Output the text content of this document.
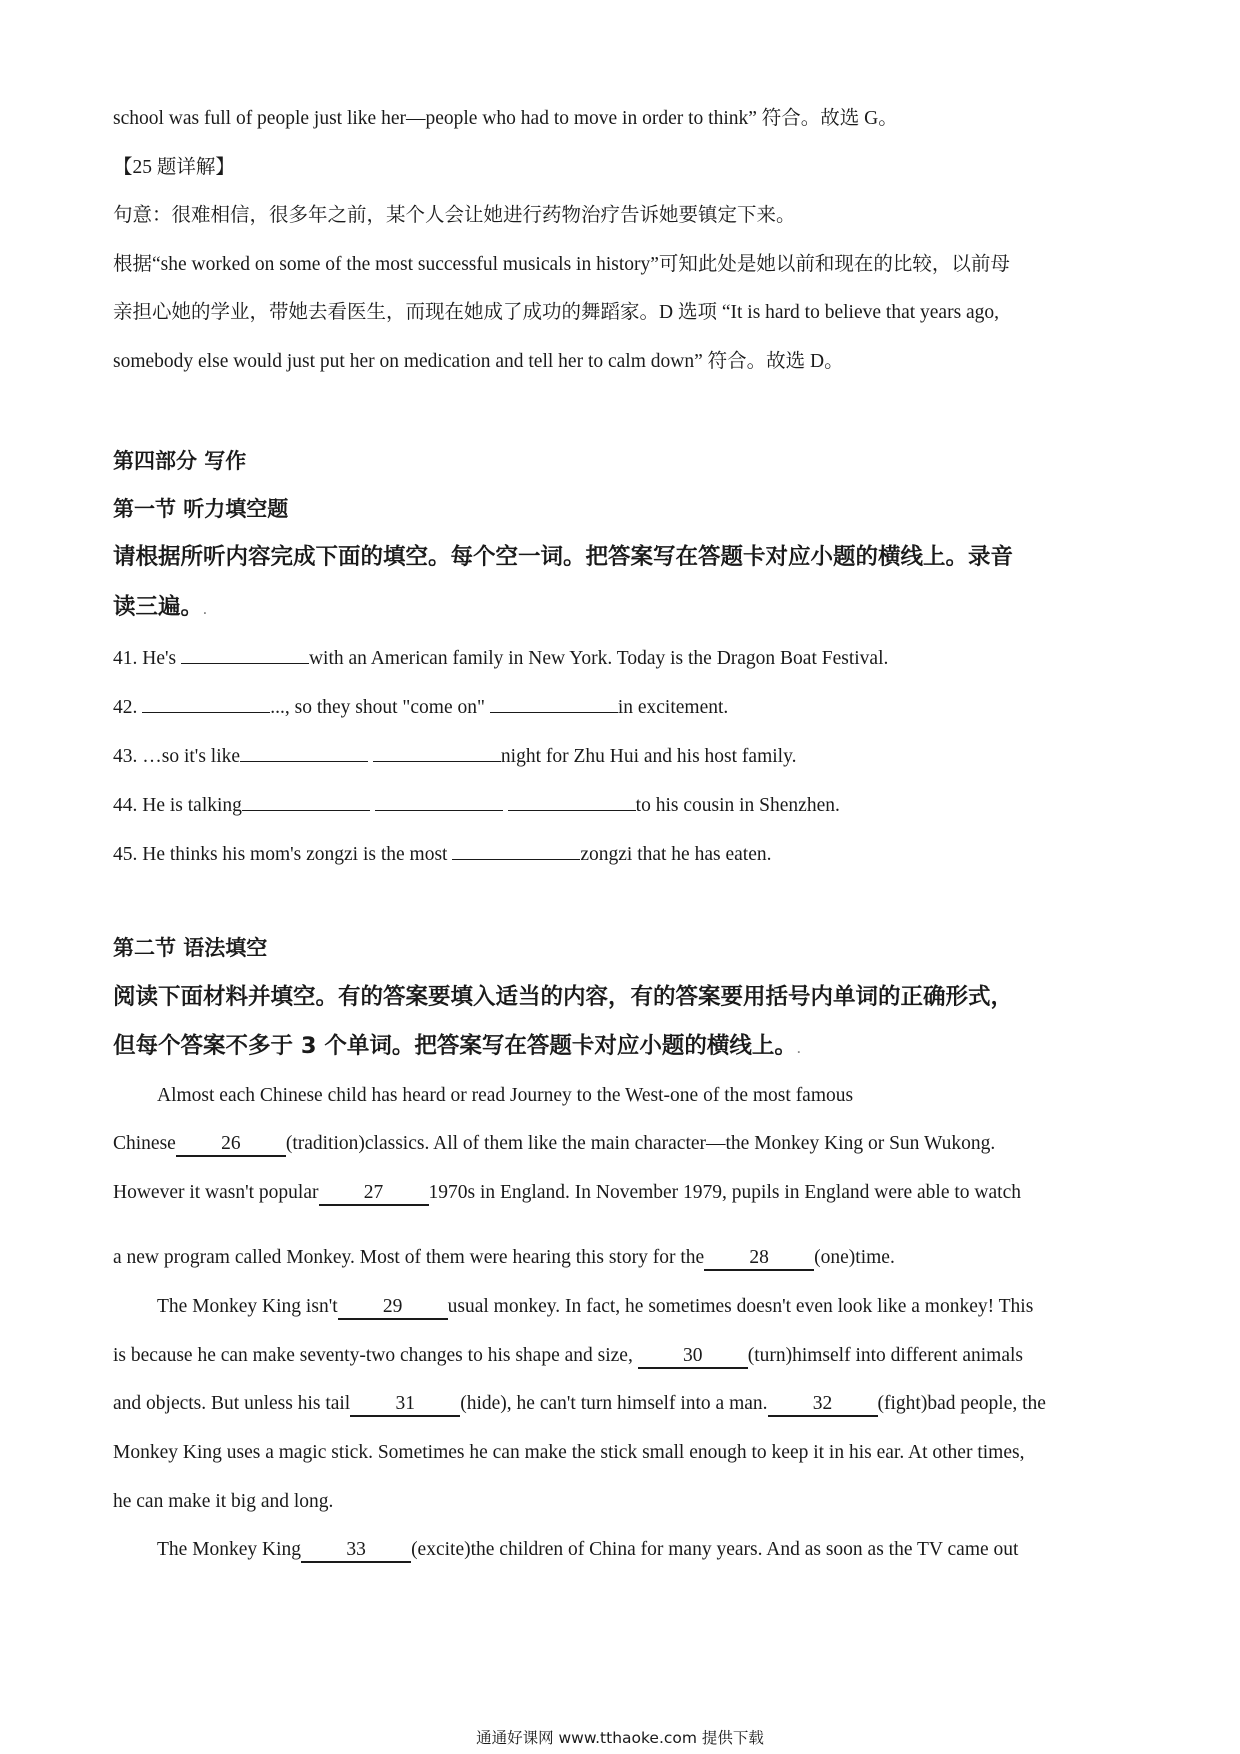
school was full of people just like her—people who had to move in order to think” 符合。故选 G。
【25 题详解】
句意：很难相信，很多年之前，某个人会让她进行药物治疗告诉她要镇定下来。
根据“she worked on some of the most successful musicals in history”可知此处是她以前和现在的比较，以前母
亲担心她的学业，带她去看医生，而现在她成了成功的舞蹈家。D 选项 “It is hard to believe that years ago,
somebody else would just put her on medication and tell her to calm down” 符合。故选 D。
第四部分 写作
第一节 听力填空题
请根据所听内容完成下面的填空。每个空一词。把答案写在答题卡对应小题的横线上。录音
读三遍。.
41. He's	with an American family in New York. Today is the Dragon Boat Festival.
42.	..., so they shout "come on"	in excitement.
43. …so it's like	night for Zhu Hui and his host family.
44. He is talking	to his cousin in Shenzhen.
45. He thinks his mom's zongzi is the most	zongzi that he has eaten.
第二节 语法填空
阅读下面材料并填空。有的答案要填入适当的内容，有的答案要用括号内单词的正确形式，
但每个答案不多于 3 个单词。把答案写在答题卡对应小题的横线上。.
Almost each Chinese child has heard or read Journey to the West-one of the most famous
Chinese 26 (tradition)classics. All of them like the main character—the Monkey King or Sun Wukong.
However it wasn't popular 27 1970s in England. In November 1979, pupils in England were able to watch
a new program called Monkey. Most of them were hearing this story for the 28 (one)time.
The Monkey King isn't 29 usual monkey. In fact, he sometimes doesn't even look like a monkey! This
is because he can make seventy-two changes to his shape and size, 30 (turn)himself into different animals
and objects. But unless his tail 31 (hide), he can't turn himself into a man. 32 (fight)bad people, the
Monkey King uses a magic stick. Sometimes he can make the stick small enough to keep it in his ear. At other times,
he can make it big and long.
The Monkey King 33 (excite)the children of China for many years. And as soon as the TV came out
通通好课网 www.tthaoke.com 提供下载
